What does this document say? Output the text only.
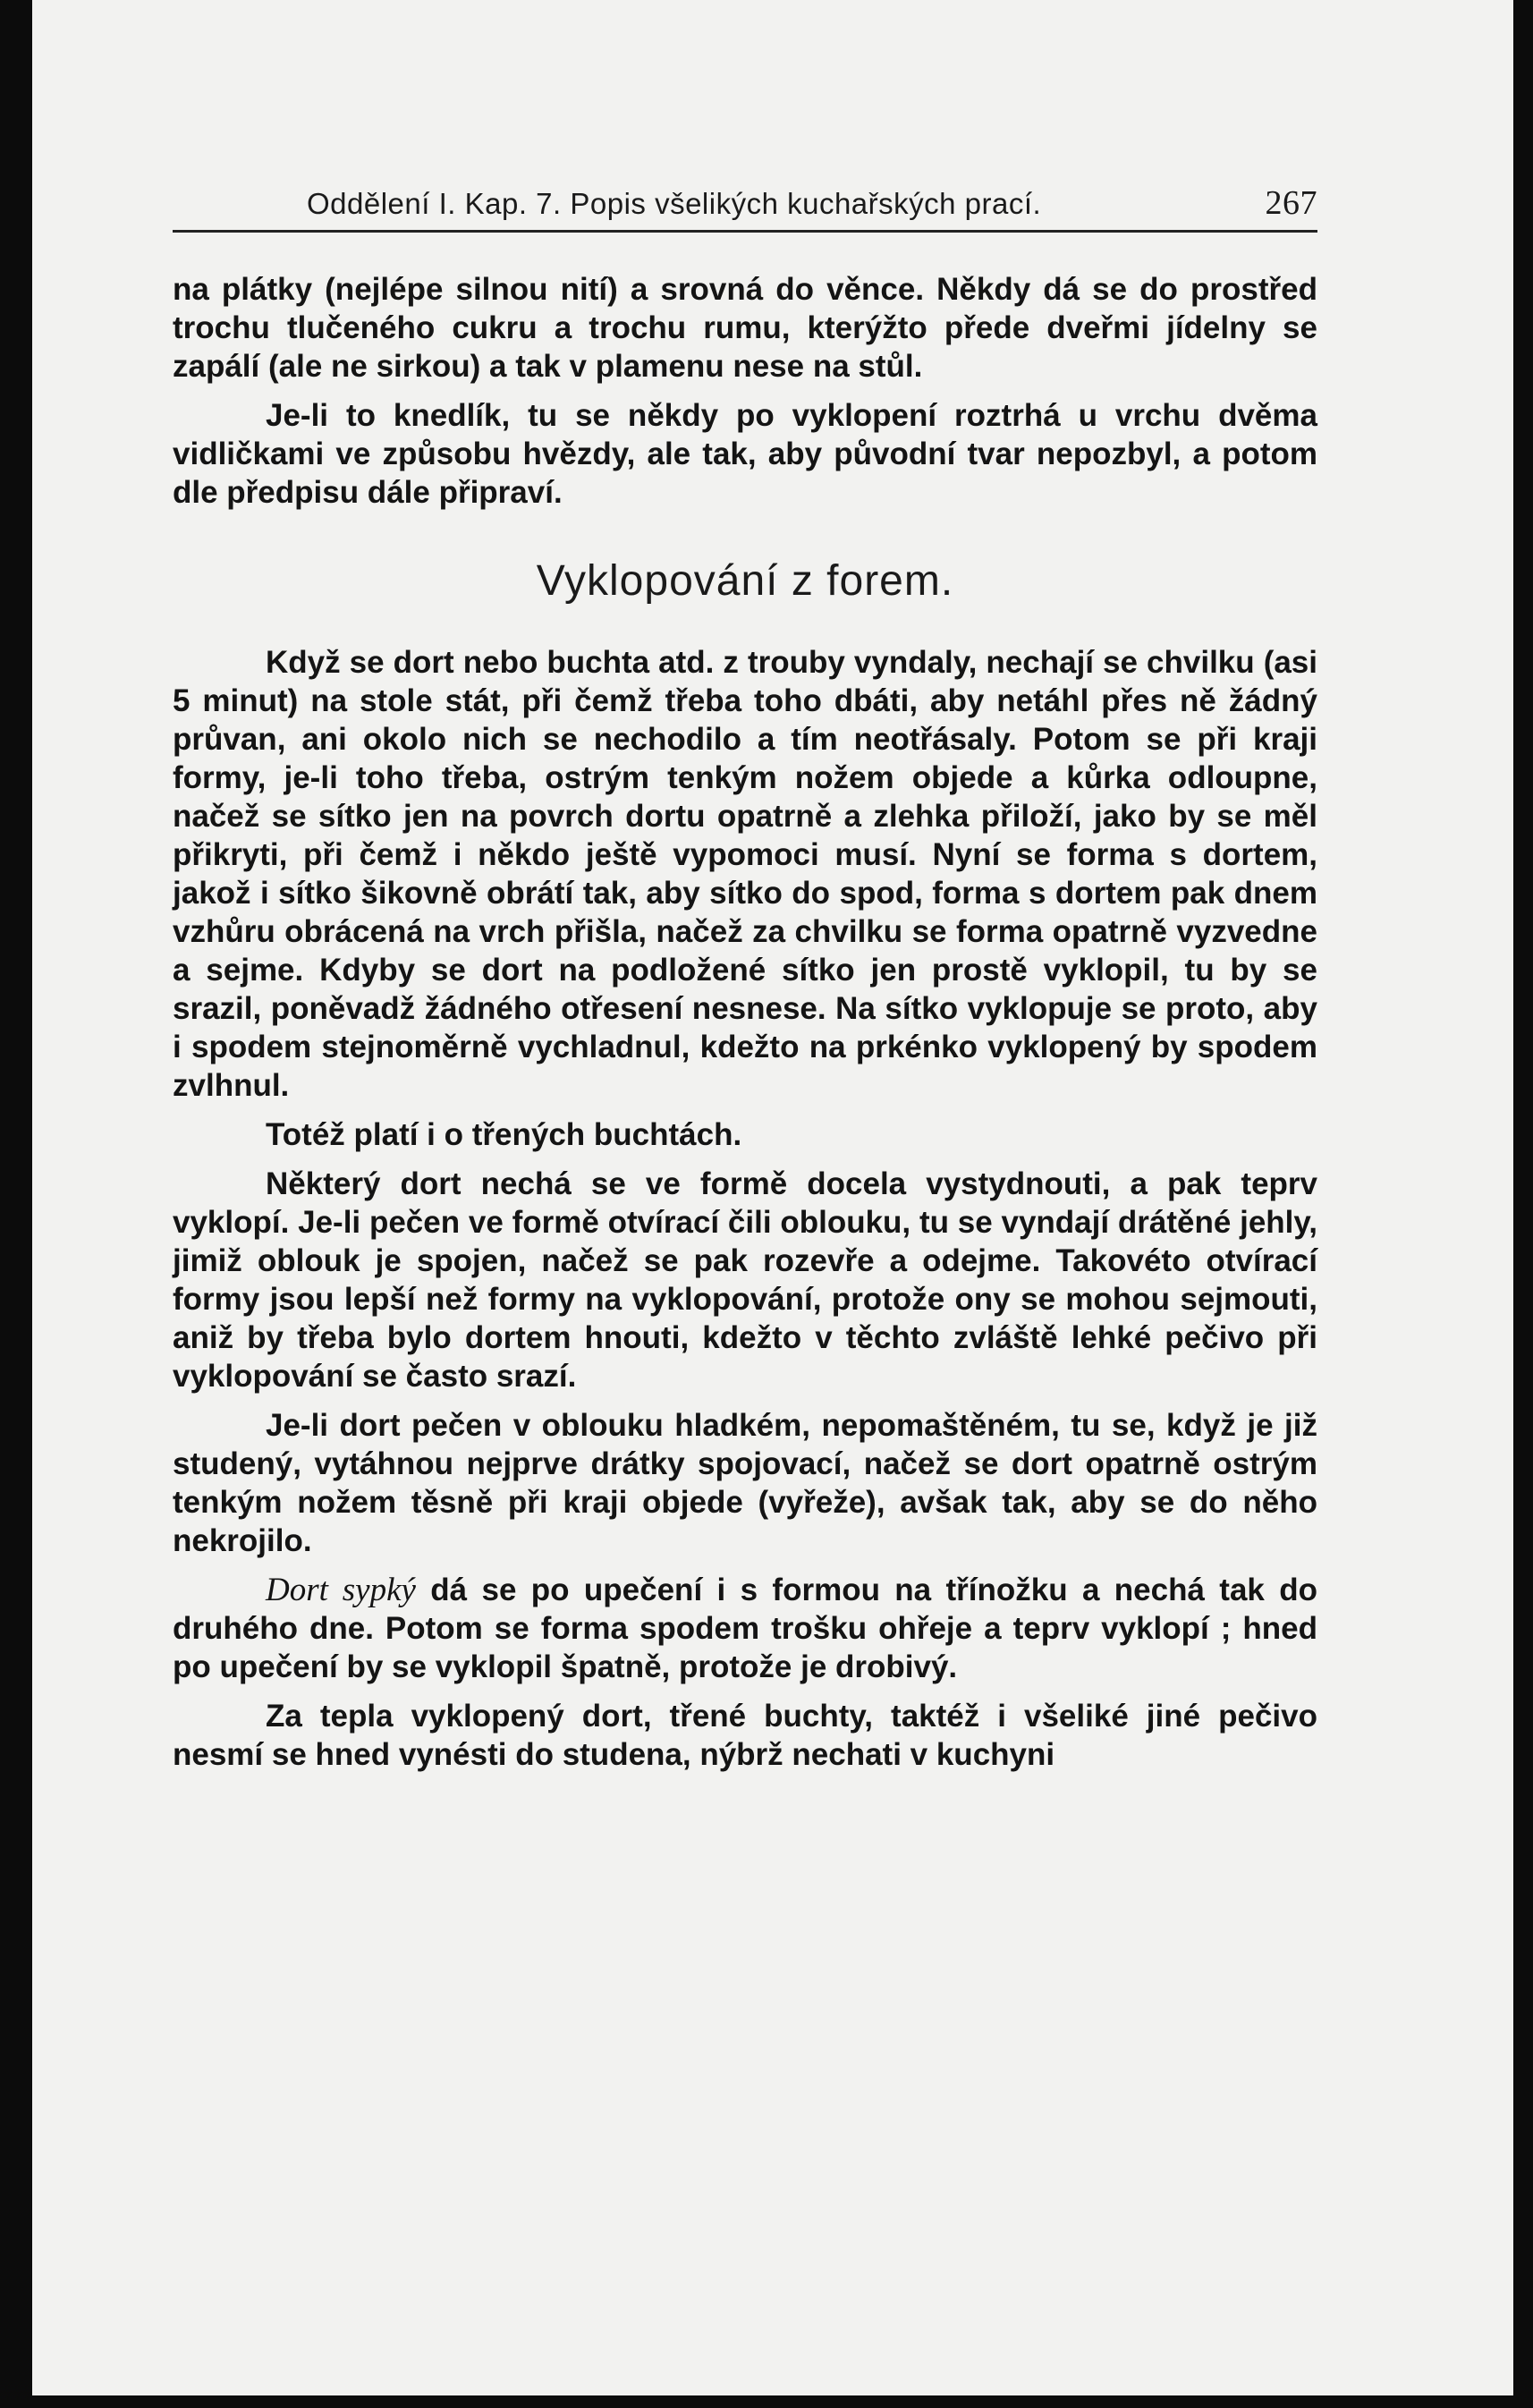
Oddělení I. Kap. 7. Popis všelikých kuchařských prací.	267

na plátky (nejlépe silnou nití) a srovná do věnce. Někdy dá se do prostřed trochu tlučeného cukru a trochu rumu, kterýžto přede dveřmi jídelny se zapálí (ale ne sirkou) a tak v plamenu nese na stůl.

Je-li to knedlík, tu se někdy po vyklopení roztrhá u vrchu dvěma vidličkami ve způsobu hvězdy, ale tak, aby původní tvar nepozbyl, a potom dle předpisu dále připraví.

Vyklopování z forem.

Když se dort nebo buchta atd. z trouby vyndaly, nechají se chvilku (asi 5 minut) na stole stát, při čemž třeba toho dbáti, aby netáhl přes ně žádný průvan, ani okolo nich se nechodilo a tím neotřásaly. Potom se při kraji formy, je-li toho třeba, ostrým tenkým nožem objede a kůrka odloupne, načež se sítko jen na povrch dortu opatrně a zlehka přiloží, jako by se měl přikryti, při čemž i někdo ještě vypomoci musí. Nyní se forma s dortem, jakož i sítko šikovně obrátí tak, aby sítko do spod, forma s dortem pak dnem vzhůru obrácená na vrch přišla, načež za chvilku se forma opatrně vyzvedne a sejme. Kdyby se dort na podložené sítko jen prostě vyklopil, tu by se srazil, poněvadž žádného otřesení nesnese. Na sítko vyklopuje se proto, aby i spodem stejnoměrně vychladnul, kdežto na prkénko vyklopený by spodem zvlhnul.

Totéž platí i o třených buchtách.

Některý dort nechá se ve formě docela vystydnouti, a pak teprv vyklopí. Je-li pečen ve formě otvírací čili oblouku, tu se vyndají drátěné jehly, jimiž oblouk je spojen, načež se pak rozevře a odejme. Takovéto otvírací formy jsou lepší než formy na vyklopování, protože ony se mohou sejmouti, aniž by třeba bylo dortem hnouti, kdežto v těchto zvláště lehké pečivo při vyklopování se často srazí.

Je-li dort pečen v oblouku hladkém, nepomaštěném, tu se, když je již studený, vytáhnou nejprve drátky spojovací, načež se dort opatrně ostrým tenkým nožem těsně při kraji objede (vyřeže), avšak tak, aby se do něho nekrojilo.

Dort sypký dá se po upečení i s formou na třínožku a nechá tak do druhého dne. Potom se forma spodem trošku ohřeje a teprv vyklopí ; hned po upečení by se vyklopil špatně, protože je drobivý.

Za tepla vyklopený dort, třené buchty, taktéž i všeliké jiné pečivo nesmí se hned vynésti do studena, nýbrž nechati v kuchyni
